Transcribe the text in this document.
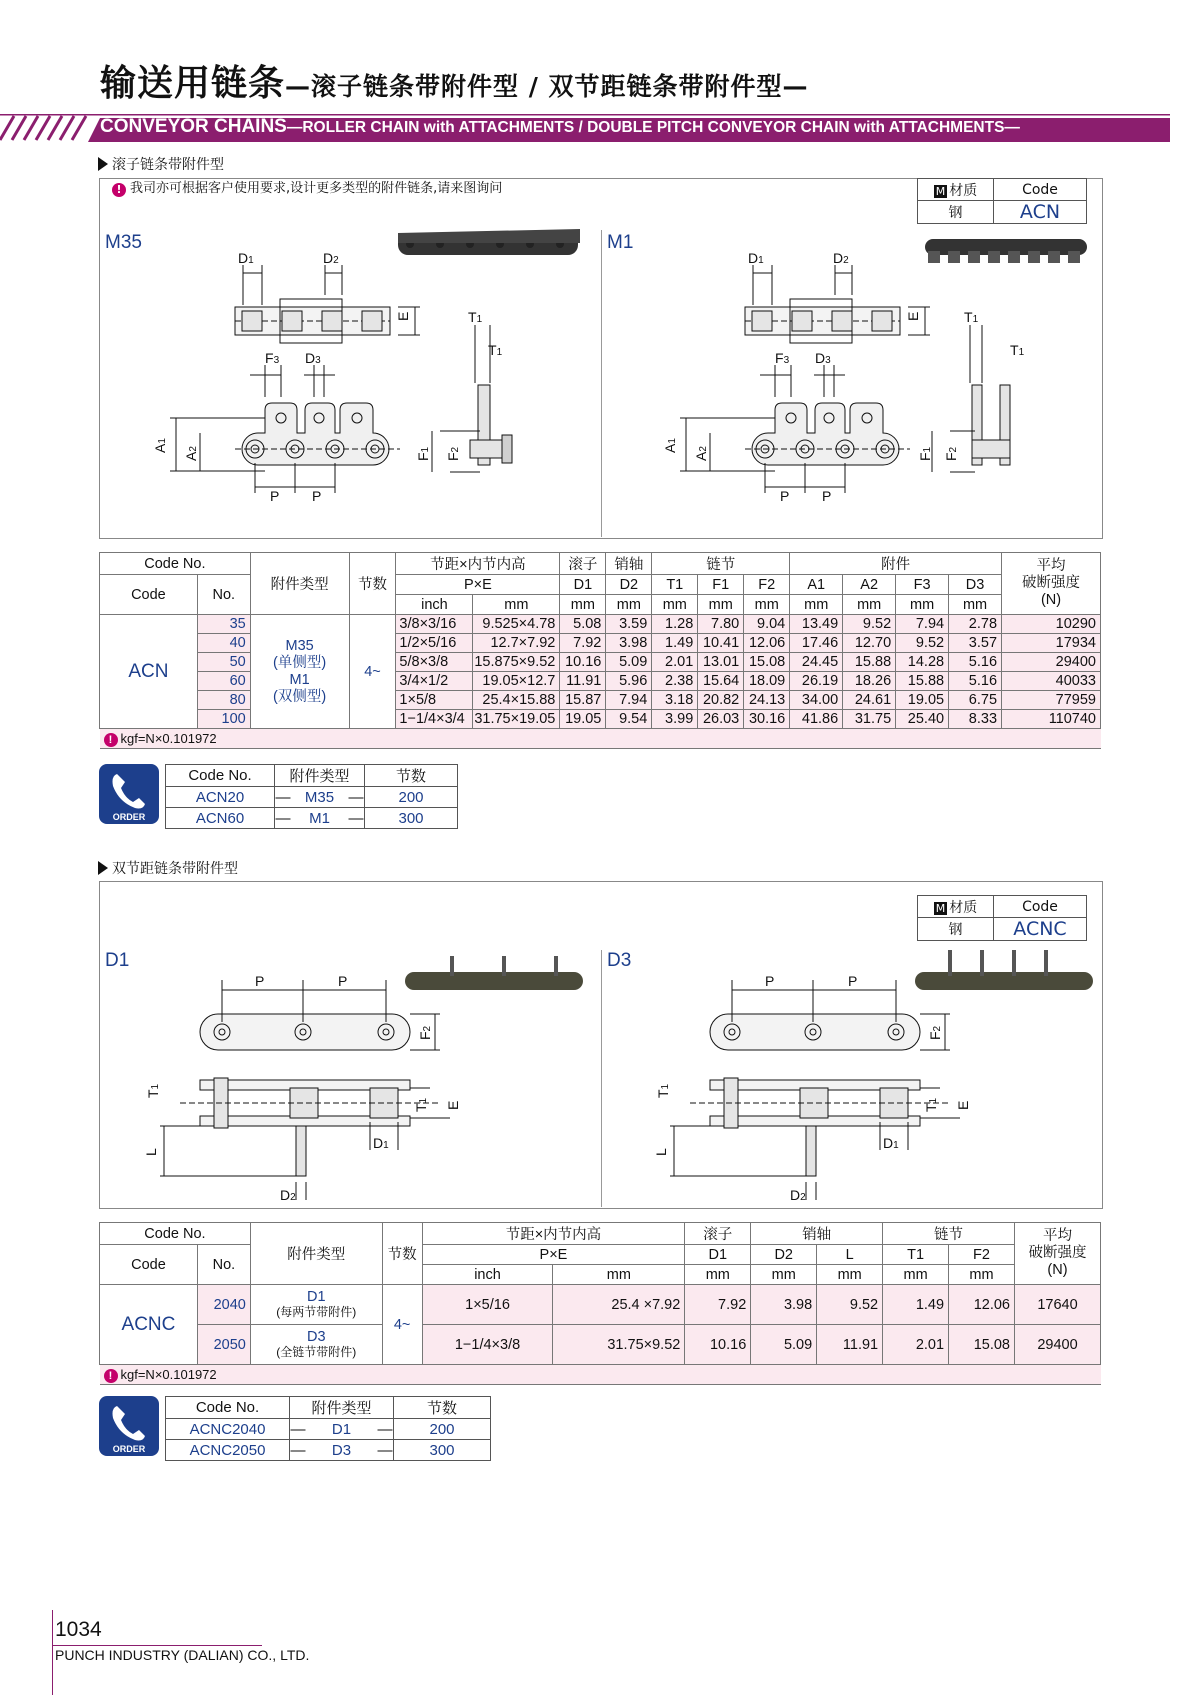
输送用链条—滚子链条带附件型 / 双节距链条带附件型—
CONVEYOR CHAINS—ROLLER CHAIN with ATTACHMENTS / DOUBLE PITCH CONVEYOR CHAIN with ATTACHMENTS—
滚子链条带附件型
! 我司亦可根据客户使用要求,设计更多类型的附件链条,请来图询问	M 材质	Code
钢	ACN
M35	M1
D1	D2
E	T1
T1
F3 D3
A1
A2
F1
F2
P P
D1	D2
E	T1
T1
F3 D3
A1
A2
F1
F2
P P
Code No.		附件类型	节数	节距×内节内高		滚子	销轴	链节			附件				平均
破断强度
(N)
Code	No.			P×E		D1	D2	T1	F1	F2	A1	A2	F3	D3	
				inch	mm	mm	mm	mm	mm	mm	mm	mm	mm	mm	
ACN	35	M35
(单侧型)
M1
(双侧型)	4~	3/8×3/16	9.525×4.78	5.08	3.59	1.28	7.80	9.04	13.49	9.52	7.94	2.78	10290
	40			1/2×5/16	12.7×7.92	7.92	3.98	1.49	10.41	12.06	17.46	12.70	9.52	3.57	17934
	50			5/8×3/8	15.875×9.52	10.16	5.09	2.01	13.01	15.08	24.45	15.88	14.28	5.16	29400
	60			3/4×1/2	19.05×12.7	11.91	5.96	2.38	15.64	18.09	26.19	18.26	15.88	5.16	40033
	80			1×5/8	25.4×15.88	15.87	7.94	3.18	20.82	24.13	34.00	24.61	19.05	6.75	77959
	100			1−1/4×3/4	31.75×19.05	19.05	9.54	3.99	26.03	30.16	41.86	31.75	25.40	8.33	110740
! kgf=N×0.101972															
ORDER
Code No.	附件类型			节数
ACN20	—	M35	—	200
ACN60	—	M1	—	300
双节距链条带附件型
M 材质	Code
钢	ACNC
D1	D3
P	P
F2
T1
L
T1 E
D1
D2
P	P
F2
T1
L
T1 E
D1
D2
Code No.		附件类型	节数	节距×内节内高		滚子	销轴		链节		平均
破断强度
(N)
Code	No.			P×E		D1	D2	L	T1	F2	
				inch	mm	mm	mm	mm	mm	mm	
ACNC	2040	D1
(每两节带附件)	4~	1×5/16	25.4 ×7.92	7.92	3.98	9.52	1.49	12.06	17640
	2050	D3
(全链节带附件)		1−1/4×3/8	31.75×9.52	10.16	5.09	11.91	2.01	15.08	29400
! kgf=N×0.101972											
ORDER
Code No.	附件类型			节数
ACNC2040	—	D1	—	200
ACNC2050	—	D3	—	300
1034
PUNCH INDUSTRY (DALIAN) CO., LTD.
